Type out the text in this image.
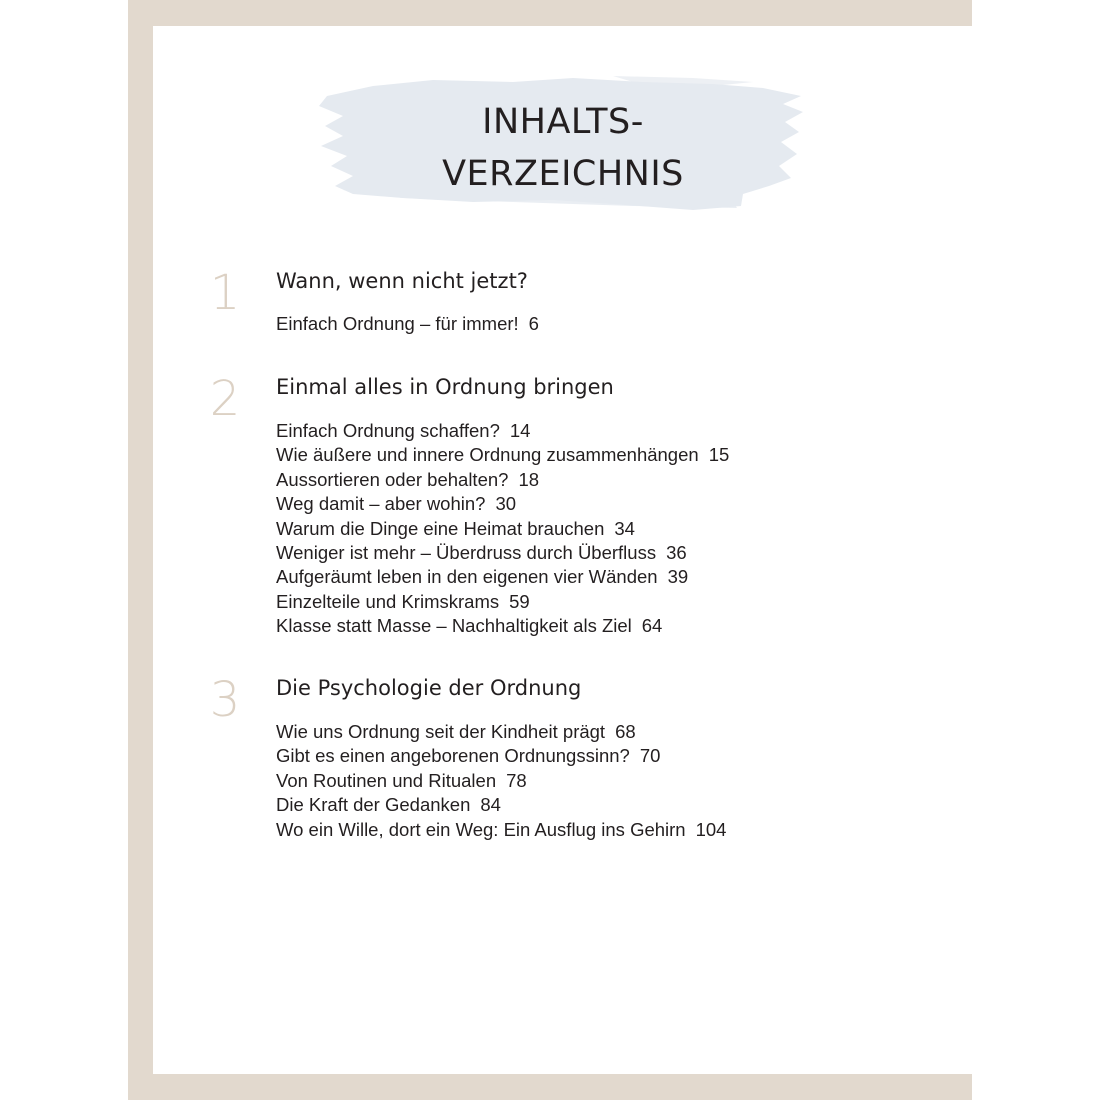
INHALTS-
VERZEICHNIS
1 Wann, wenn nicht jetzt?
Einfach Ordnung – für immer! 6
2 Einmal alles in Ordnung bringen
Einfach Ordnung schaffen? 14
Wie äußere und innere Ordnung zusammenhängen 15
Aussortieren oder behalten? 18
Weg damit – aber wohin? 30
Warum die Dinge eine Heimat brauchen 34
Weniger ist mehr – Überdruss durch Überfluss 36
Aufgeräumt leben in den eigenen vier Wänden 39
Einzelteile und Krimskrams 59
Klasse statt Masse – Nachhaltigkeit als Ziel 64
3 Die Psychologie der Ordnung
Wie uns Ordnung seit der Kindheit prägt 68
Gibt es einen angeborenen Ordnungssinn? 70
Von Routinen und Ritualen 78
Die Kraft der Gedanken 84
Wo ein Wille, dort ein Weg: Ein Ausflug ins Gehirn 104
